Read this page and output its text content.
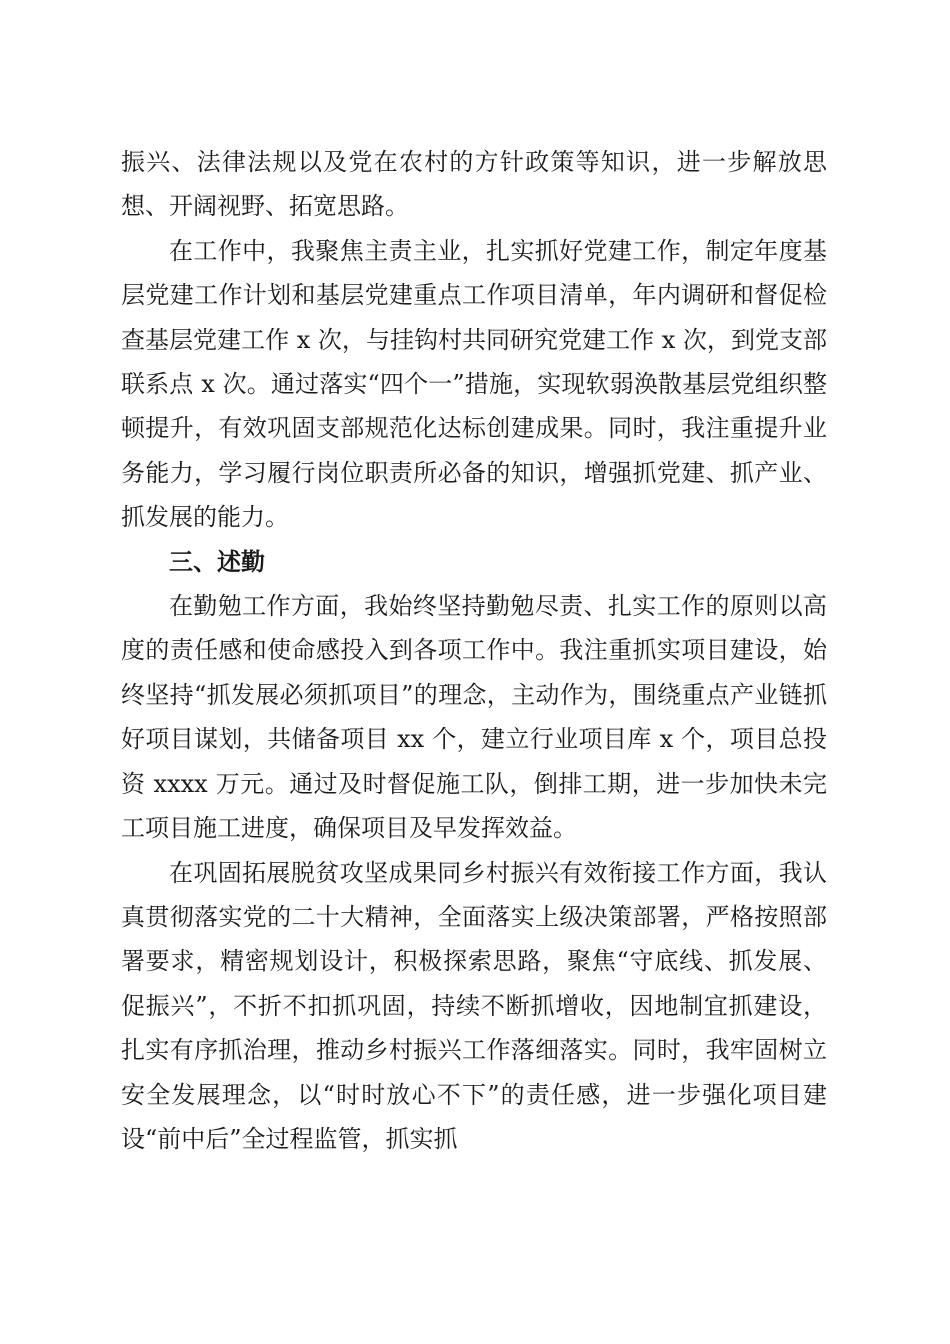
振兴、法律法规以及党在农村的方针政策等知识，进一步解放思想、开阔视野、拓宽思路。

在工作中，我聚焦主责主业，扎实抓好党建工作，制定年度基层党建工作计划和基层党建重点工作项目清单，年内调研和督促检查基层党建工作 x 次，与挂钩村共同研究党建工作 x 次，到党支部联系点 x 次。通过落实“四个一”措施，实现软弱涣散基层党组织整顿提升，有效巩固支部规范化达标创建成果。同时，我注重提升业务能力，学习履行岗位职责所必备的知识，增强抓党建、抓产业、抓发展的能力。

三、述勤

在勤勉工作方面，我始终坚持勤勉尽责、扎实工作的原则以高度的责任感和使命感投入到各项工作中。我注重抓实项目建设，始终坚持“抓发展必须抓项目”的理念，主动作为，围绕重点产业链抓好项目谋划，共储备项目 xx 个，建立行业项目库 x 个，项目总投资 xxxx 万元。通过及时督促施工队，倒排工期，进一步加快未完工项目施工进度，确保项目及早发挥效益。

在巩固拓展脱贫攻坚成果同乡村振兴有效衔接工作方面，我认真贯彻落实党的二十大精神，全面落实上级决策部署，严格按照部署要求，精密规划设计，积极探索思路，聚焦“守底线、抓发展、促振兴”，不折不扣抓巩固，持续不断抓增收，因地制宜抓建设，扎实有序抓治理，推动乡村振兴工作落细落实。同时，我牢固树立安全发展理念，以“时时放心不下”的责任感，进一步强化项目建设“前中后”全过程监管，抓实抓
